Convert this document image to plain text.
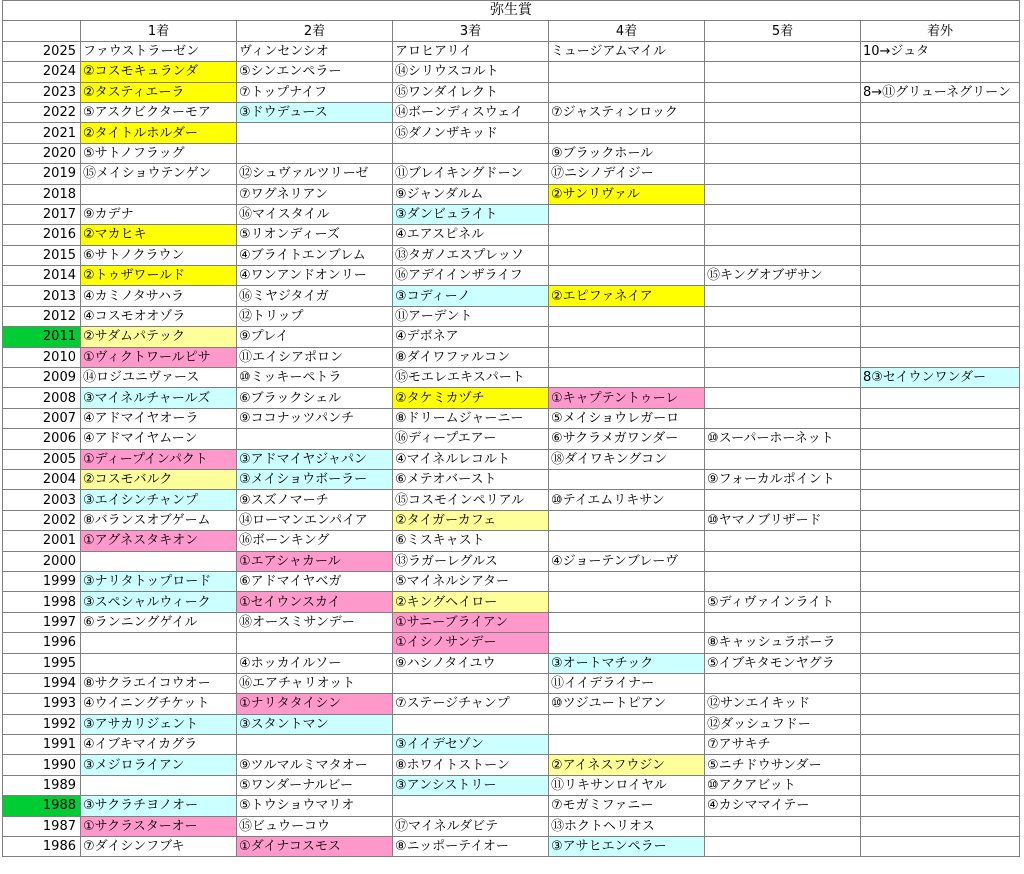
弥生賞						
	1着	2着	3着	4着	5着	着外
2025	ファウストラーゼン	ヴィンセンシオ	アロヒアリイ	ミュージアムマイル		10→ジュタ
2024	②コスモキュランダ	⑤シンエンペラー	⑭シリウスコルト			
2023	②タスティエーラ	⑦トップナイフ	⑮ワンダイレクト			8→⑪グリューネグリーン
2022	⑤アスクビクターモア	③ドウデュース	⑭ボーンディスウェイ	⑦ジャスティンロック		
2021	②タイトルホルダー		⑮ダノンザキッド			
2020	⑤サトノフラッグ			⑨ブラックホール		
2019	⑮メイショウテンゲン	⑫シュヴァルツリーゼ	⑪ブレイキングドーン	⑰ニシノデイジー		
2018		⑦ワグネリアン	⑨ジャンダルム	②サンリヴァル		
2017	⑨カデナ	⑯マイスタイル	③ダンビュライト			
2016	②マカヒキ	⑤リオンディーズ	④エアスピネル			
2015	⑥サトノクラウン	④ブライトエンブレム	⑬タガノエスプレッソ			
2014	②トゥザワールド	④ワンアンドオンリー	⑯アデイインザライフ		⑮キングオブザサン	
2013	④カミノタサハラ	⑯ミヤジタイガ	③コディーノ	②エピファネイア		
2012	④コスモオオゾラ	⑫トリップ	⑪アーデント			
2011	②サダムパテック	⑨プレイ	④デボネア			
2010	①ヴィクトワールピサ	⑪エイシアポロン	⑧ダイワファルコン			
2009	⑭ロジユニヴァース	⑩ミッキーペトラ	⑮モエレエキスパート			8③セイウンワンダー
2008	③マイネルチャールズ	⑥ブラックシェル	②タケミカヅチ	①キャプテントゥーレ		
2007	④アドマイヤオーラ	⑨ココナッツパンチ	⑧ドリームジャーニー	⑤メイショウレガーロ		
2006	④アドマイヤムーン		⑯ディープエアー	⑥サクラメガワンダー	⑩スーパーホーネット	
2005	①ディープインパクト	③アドマイヤジャパン	④マイネルレコルト	⑱ダイワキングコン		
2004	②コスモバルク	③メイショウボーラー	⑥メテオバースト		⑨フォーカルポイント	
2003	③エイシンチャンプ	⑨スズノマーチ	⑮コスモインペリアル	⑩テイエムリキサン		
2002	⑧バランスオブゲーム	⑭ローマンエンパイア	②タイガーカフェ		⑩ヤマノブリザード	
2001	①アグネスタキオン	⑯ボーンキング	⑥ミスキャスト			
2000		①エアシャカール	⑬ラガーレグルス	④ジョーテンブレーヴ		
1999	③ナリタトップロード	⑥アドマイヤベガ	⑤マイネルシアター			
1998	③スペシャルウィーク	①セイウンスカイ	②キングヘイロー		⑤ディヴァインライト	
1997	⑥ランニングゲイル	⑱オースミサンデー	①サニーブライアン			
1996			①イシノサンデー		⑧キャッシュラボーラ	
1995		④ホッカイルソー	⑨ハシノタイユウ	③オートマチック	⑤イブキタモンヤグラ	
1994	⑧サクラエイコウオー	⑯エアチャリオット		⑪イイデライナー		
1993	④ウイニングチケット	①ナリタタイシン	⑦ステージチャンプ	⑩ツジユートピアン	⑫サンエイキッド	
1992	③アサカリジェント	③スタントマン			⑫ダッシュフドー	
1991	④イブキマイカグラ		③イイデセゾン		⑦アサキチ	
1990	③メジロライアン	⑨ツルマルミマタオー	⑧ホワイトストーン	②アイネスフウジン	⑤ニチドウサンダー	
1989		⑤ワンダーナルビー	③アンシストリー	⑪リキサンロイヤル	⑩アクアビット	
1988	③サクラチヨノオー	⑤トウショウマリオ		⑦モガミファニー	④カシママイテー	
1987	①サクラスターオー	⑮ビュウーコウ	⑰マイネルダビテ	⑬ホクトヘリオス		
1986	⑦ダイシンフブキ	①ダイナコスモス	⑧ニッポーテイオー	③アサヒエンペラー		
